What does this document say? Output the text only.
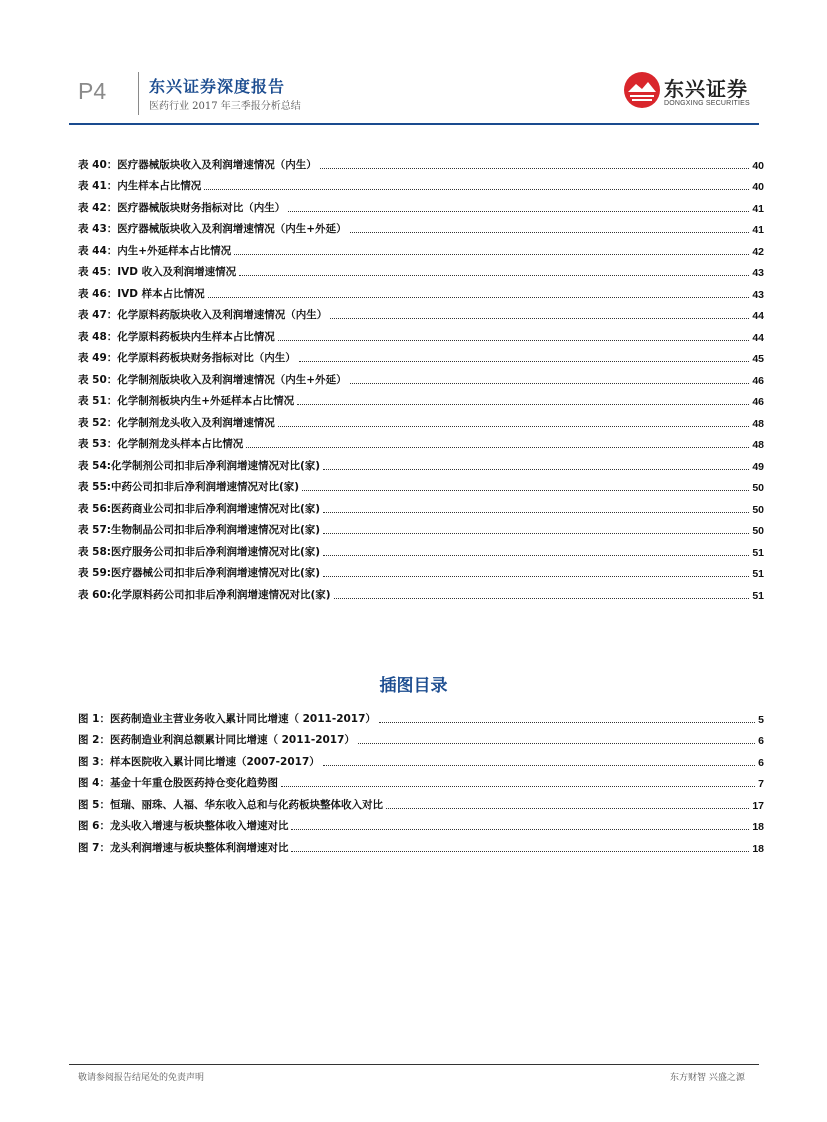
P4	东兴证券深度报告
医药行业 2017 年三季报分析总结
东兴证券
DONGXING SECURITIES
表 40：医疗器械版块收入及利润增速情况（内生）	40
表 41：内生样本占比情况	40
表 42：医疗器械版块财务指标对比（内生）	41
表 43：医疗器械版块收入及利润增速情况（内生+外延）	41
表 44：内生+外延样本占比情况	42
表 45：IVD 收入及利润增速情况	43
表 46：IVD 样本占比情况	43
表 47：化学原料药版块收入及利润增速情况（内生）	44
表 48：化学原料药板块内生样本占比情况	44
表 49：化学原料药板块财务指标对比（内生）	45
表 50：化学制剂版块收入及利润增速情况（内生+外延）	46
表 51：化学制剂板块内生+外延样本占比情况	46
表 52：化学制剂龙头收入及利润增速情况	48
表 53：化学制剂龙头样本占比情况	48
表 54:化学制剂公司扣非后净利润增速情况对比(家)	49
表 55:中药公司扣非后净利润增速情况对比(家)	50
表 56:医药商业公司扣非后净利润增速情况对比(家)	50
表 57:生物制品公司扣非后净利润增速情况对比(家)	50
表 58:医疗服务公司扣非后净利润增速情况对比(家)	51
表 59:医疗器械公司扣非后净利润增速情况对比(家)	51
表 60:化学原料药公司扣非后净利润增速情况对比(家)	51
插图目录
图 1：医药制造业主营业务收入累计同比增速（ 2011-2017）	5
图 2：医药制造业利润总额累计同比增速（ 2011-2017）	6
图 3：样本医院收入累计同比增速（2007-2017）	6
图 4：基金十年重仓股医药持仓变化趋势图	7
图 5：恒瑞、丽珠、人福、华东收入总和与化药板块整体收入对比	17
图 6：龙头收入增速与板块整体收入增速对比	18
图 7：龙头利润增速与板块整体利润增速对比	18
敬请参阅报告结尾处的免责声明	东方财智 兴盛之源
